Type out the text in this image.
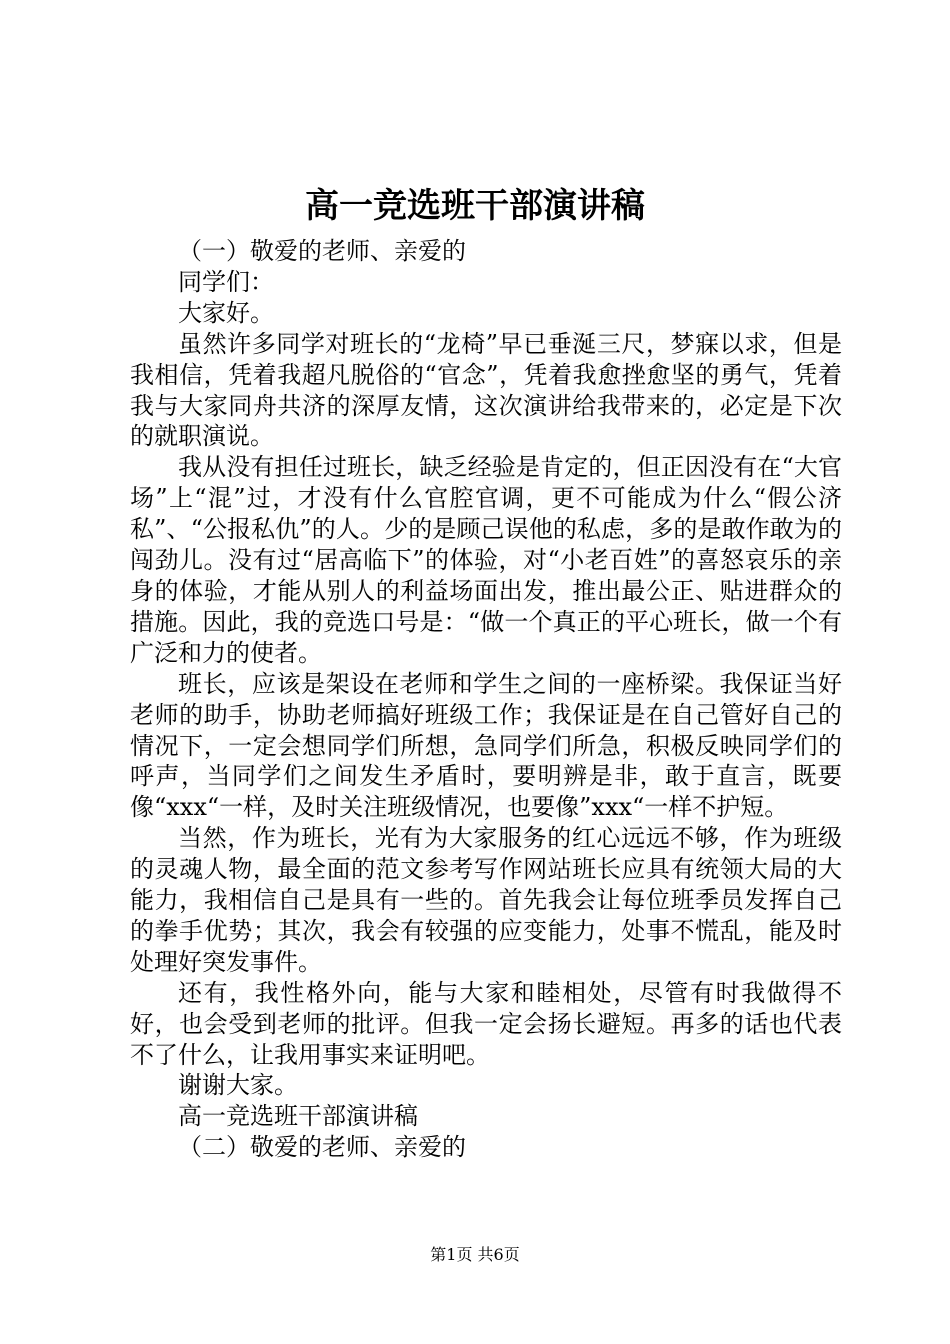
高一竞选班干部演讲稿

（一）敬爱的老师、亲爱的

同学们：

大家好。

虽然许多同学对班长的“龙椅”早已垂涎三尺，梦寐以求，但是我相信，凭着我超凡脱俗的“官念”，凭着我愈挫愈坚的勇气，凭着我与大家同舟共济的深厚友情，这次演讲给我带来的，必定是下次的就职演说。

我从没有担任过班长，缺乏经验是肯定的，但正因没有在“大官场”上“混”过，才没有什么官腔官调，更不可能成为什么“假公济私”、“公报私仇”的人。少的是顾己误他的私虑，多的是敢作敢为的闯劲儿。没有过“居高临下”的体验，对“小老百姓”的喜怒哀乐的亲身的体验，才能从别人的利益场面出发，推出最公正、贴进群众的措施。因此，我的竞选口号是：“做一个真正的平心班长，做一个有广泛和力的使者。

班长，应该是架设在老师和学生之间的一座桥梁。我保证当好老师的助手，协助老师搞好班级工作；我保证是在自己管好自己的情况下，一定会想同学们所想，急同学们所急，积极反映同学们的呼声，当同学们之间发生矛盾时，要明辨是非，敢于直言，既要像“xxx“一样，及时关注班级情况，也要像”xxx“一样不护短。

当然，作为班长，光有为大家服务的红心远远不够，作为班级的灵魂人物，最全面的范文参考写作网站班长应具有统领大局的大能力，我相信自己是具有一些的。首先我会让每位班季员发挥自己的拳手优势；其次，我会有较强的应变能力，处事不慌乱，能及时处理好突发事件。

还有，我性格外向，能与大家和睦相处，尽管有时我做得不好，也会受到老师的批评。但我一定会扬长避短。再多的话也代表不了什么，让我用事实来证明吧。

谢谢大家。

高一竞选班干部演讲稿

（二）敬爱的老师、亲爱的

第1页 共6页
